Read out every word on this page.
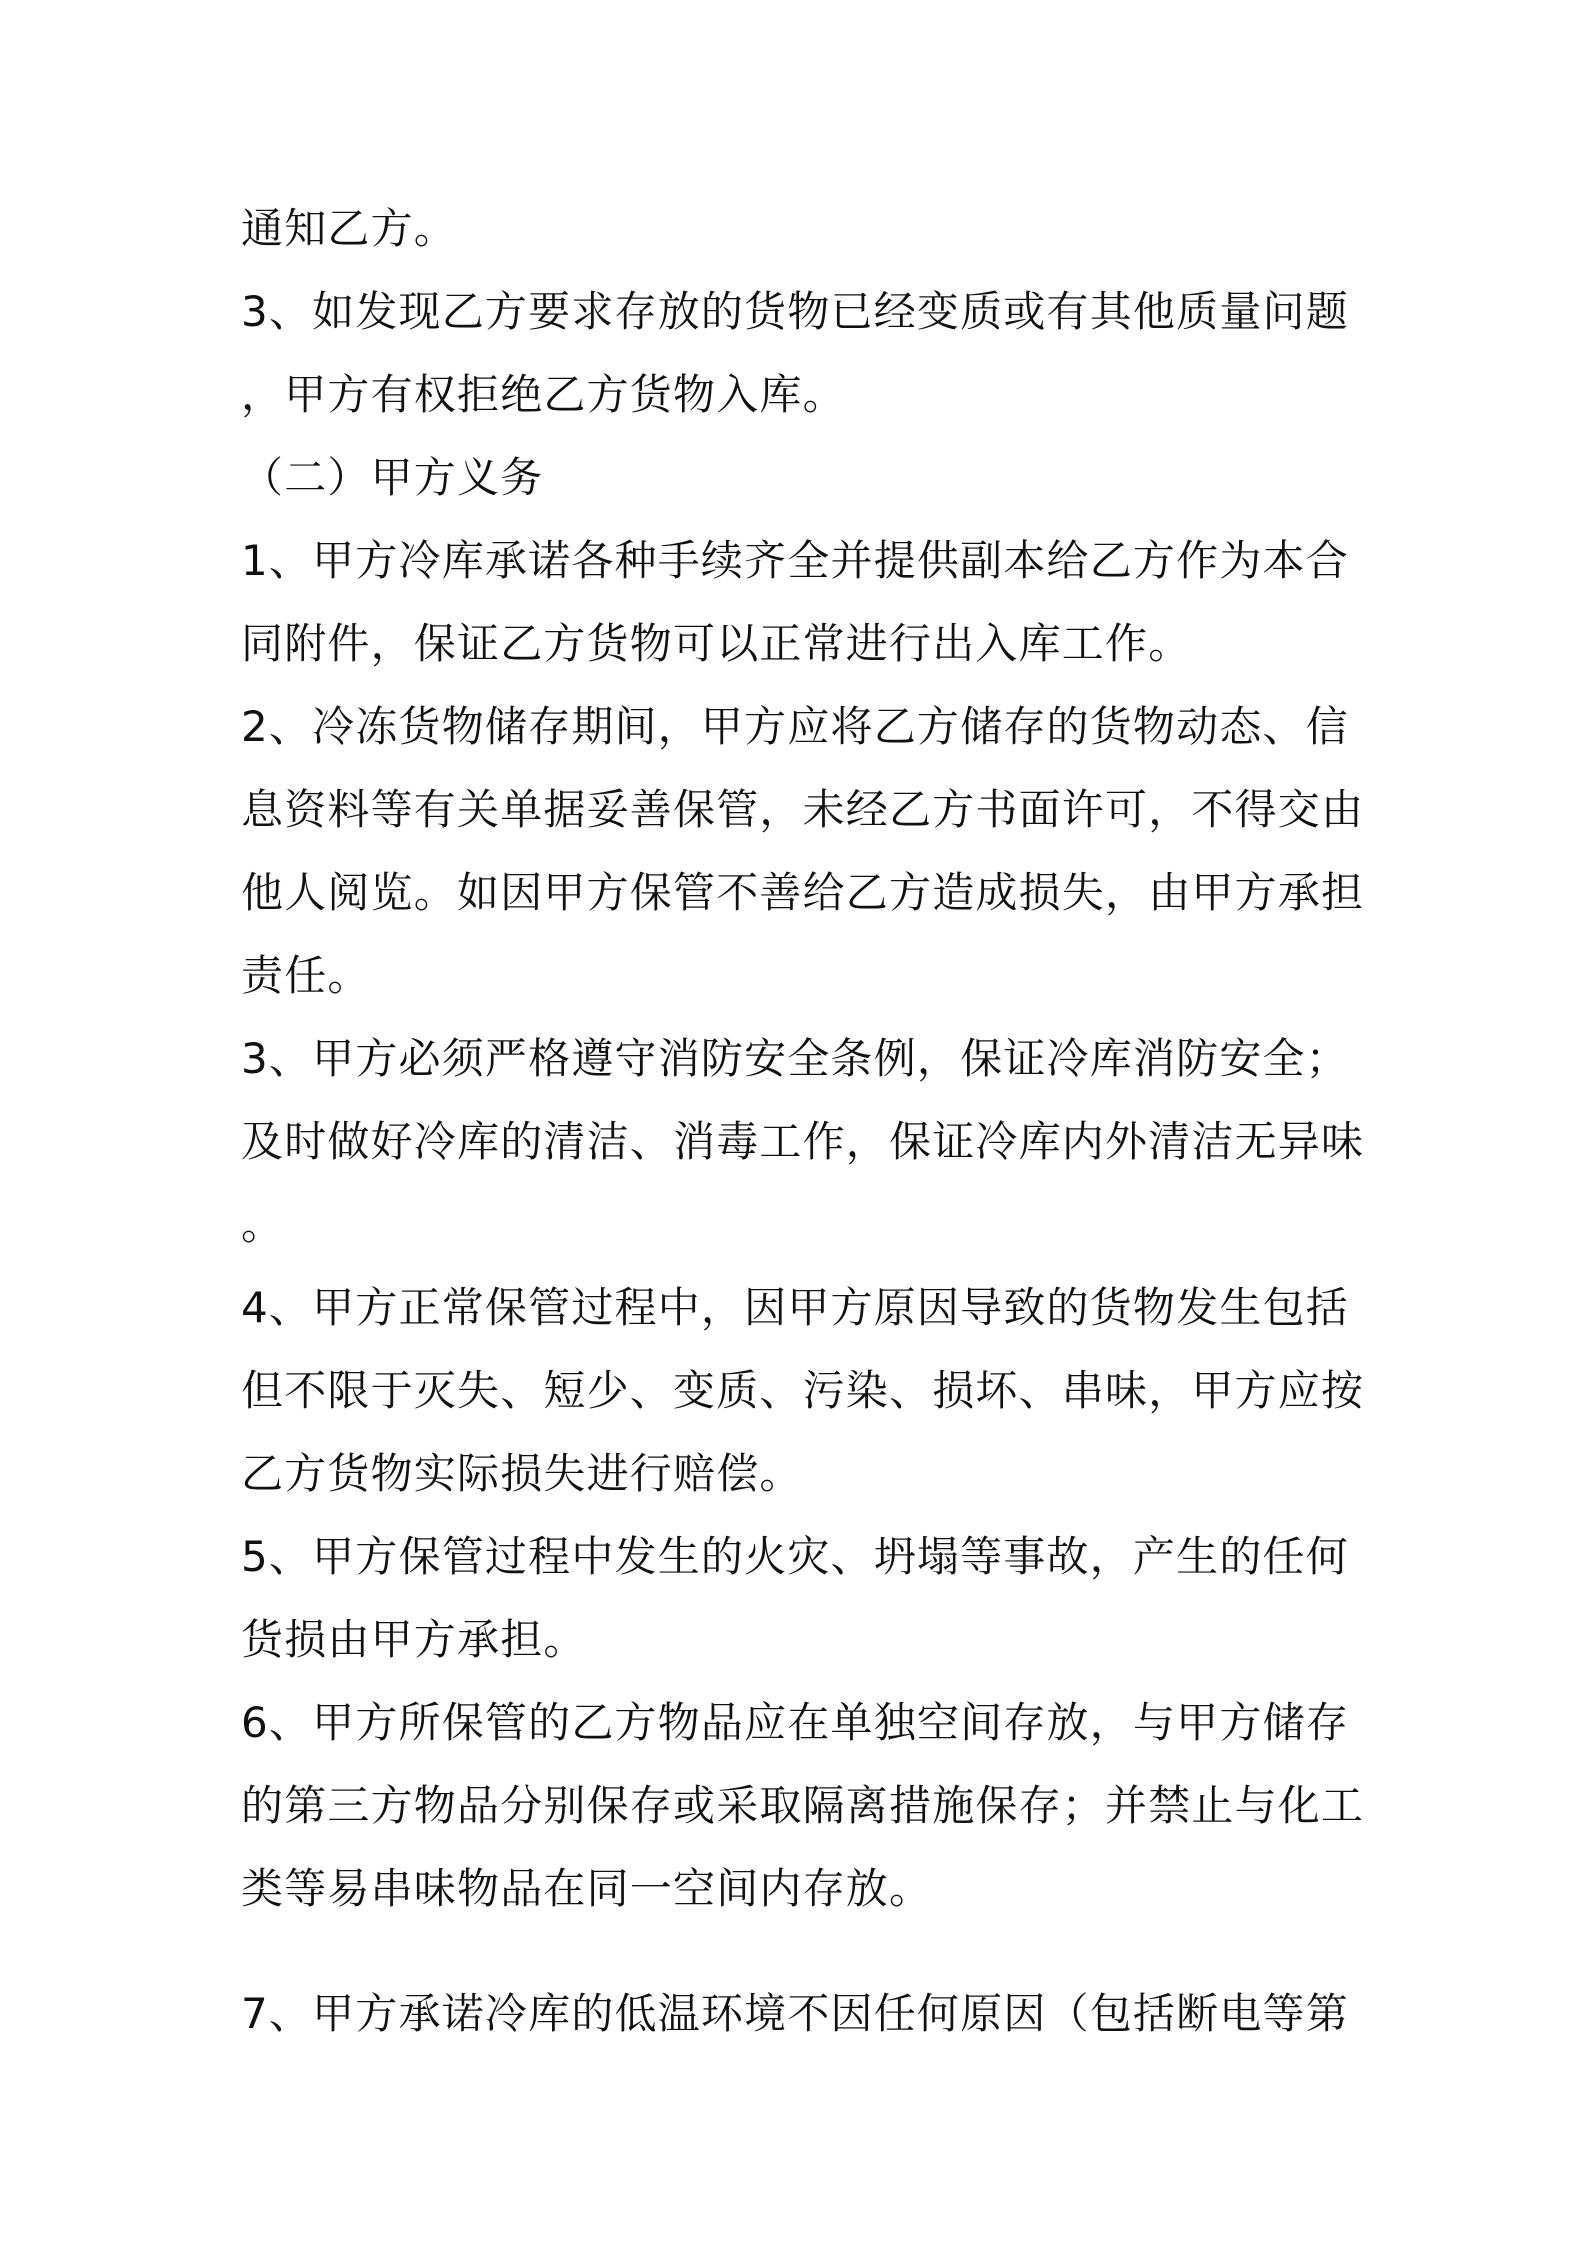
通知乙方。
3、如发现乙方要求存放的货物已经变质或有其他质量问题
，甲方有权拒绝乙方货物入库。
（二）甲方义务
1、甲方冷库承诺各种手续齐全并提供副本给乙方作为本合
同附件，保证乙方货物可以正常进行出入库工作。
2、冷冻货物储存期间，甲方应将乙方储存的货物动态、信
息资料等有关单据妥善保管，未经乙方书面许可，不得交由
他人阅览。如因甲方保管不善给乙方造成损失，由甲方承担
责任。
3、甲方必须严格遵守消防安全条例，保证冷库消防安全；
及时做好冷库的清洁、消毒工作，保证冷库内外清洁无异味
。
4、甲方正常保管过程中，因甲方原因导致的货物发生包括
但不限于灭失、短少、变质、污染、损坏、串味，甲方应按
乙方货物实际损失进行赔偿。
5、甲方保管过程中发生的火灾、坍塌等事故，产生的任何
货损由甲方承担。
6、甲方所保管的乙方物品应在单独空间存放，与甲方储存
的第三方物品分别保存或采取隔离措施保存；并禁止与化工
类等易串味物品在同一空间内存放。
7、甲方承诺冷库的低温环境不因任何原因（包括断电等第
